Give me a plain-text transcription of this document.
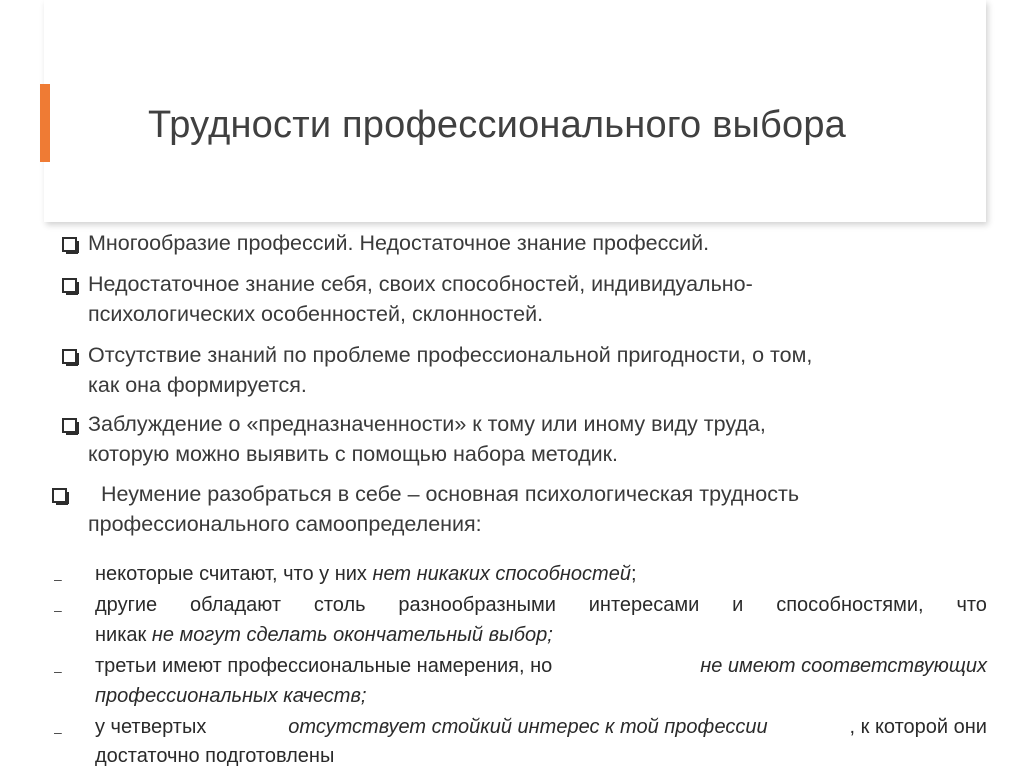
Трудности профессионального выбора
Многообразие профессий. Недостаточное знание профессий.
Недостаточное знание себя, своих способностей, индивидуально-
психологических особенностей, склонностей.
Отсутствие знаний по проблеме профессиональной пригодности, о том,
как она формируется.
Заблуждение о «предназначенности» к тому или иному виду труда,
которую можно выявить с помощью набора методик.
Неумение разобраться в себе – основная психологическая трудность
профессионального самоопределения:
– некоторые считают, что у них нет никаких способностей;
– другие обладают столь разнообразными интересами и способностями, что
никак не могут сделать окончательный выбор;
– третьи имеют профессиональные намерения, но	не имеют соответствующих
профессиональных качеств;
– у четвертых	отсутствует стойкий интерес к той профессии	, к которой они
достаточно подготовлены
